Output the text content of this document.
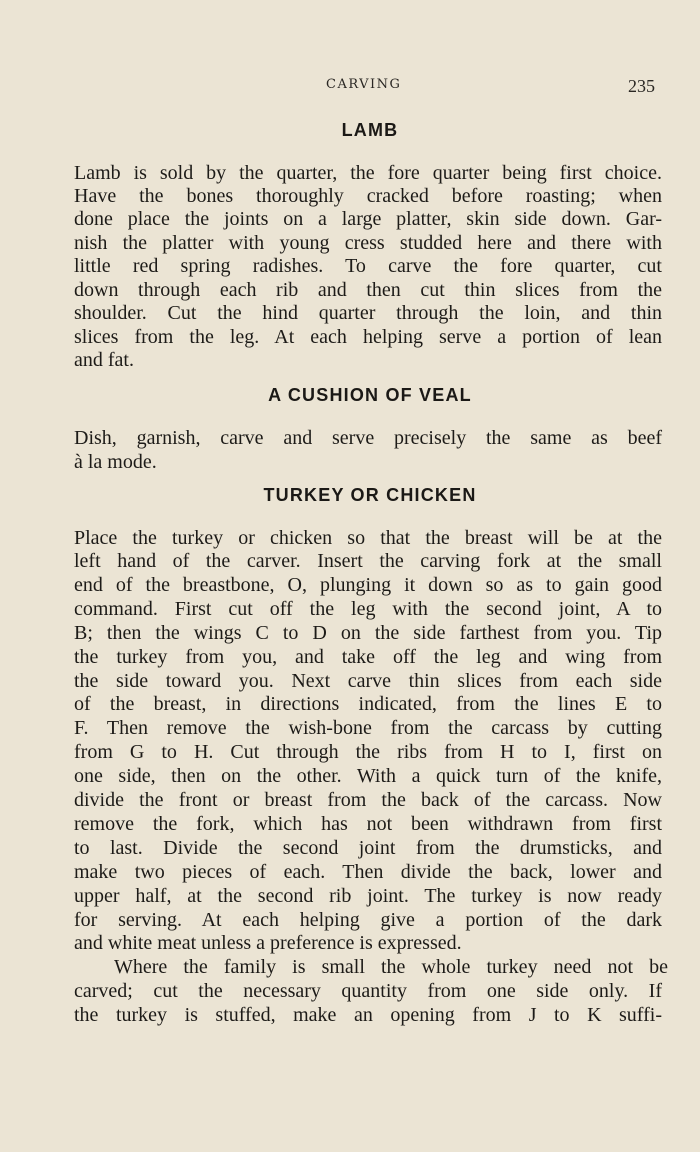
CARVING	235
LAMB
Lamb is sold by the quarter, the fore quarter being first choice.
Have the bones thoroughly cracked before roasting; when
done place the joints on a large platter, skin side down. Gar-
nish the platter with young cress studded here and there with
little red spring radishes. To carve the fore quarter, cut
down through each rib and then cut thin slices from the
shoulder. Cut the hind quarter through the loin, and thin
slices from the leg. At each helping serve a portion of lean
and fat.
A CUSHION OF VEAL
Dish, garnish, carve and serve precisely the same as beef
à la mode.
TURKEY OR CHICKEN
Place the turkey or chicken so that the breast will be at the
left hand of the carver. Insert the carving fork at the small
end of the breastbone, O, plunging it down so as to gain good
command. First cut off the leg with the second joint, A to
B; then the wings C to D on the side farthest from you. Tip
the turkey from you, and take off the leg and wing from
the side toward you. Next carve thin slices from each side
of the breast, in directions indicated, from the lines E to
F. Then remove the wish-bone from the carcass by cutting
from G to H. Cut through the ribs from H to I, first on
one side, then on the other. With a quick turn of the knife,
divide the front or breast from the back of the carcass. Now
remove the fork, which has not been withdrawn from first
to last. Divide the second joint from the drumsticks, and
make two pieces of each. Then divide the back, lower and
upper half, at the second rib joint. The turkey is now ready
for serving. At each helping give a portion of the dark
and white meat unless a preference is expressed.
Where the family is small the whole turkey need not be
carved; cut the necessary quantity from one side only. If
the turkey is stuffed, make an opening from J to K suffi-
